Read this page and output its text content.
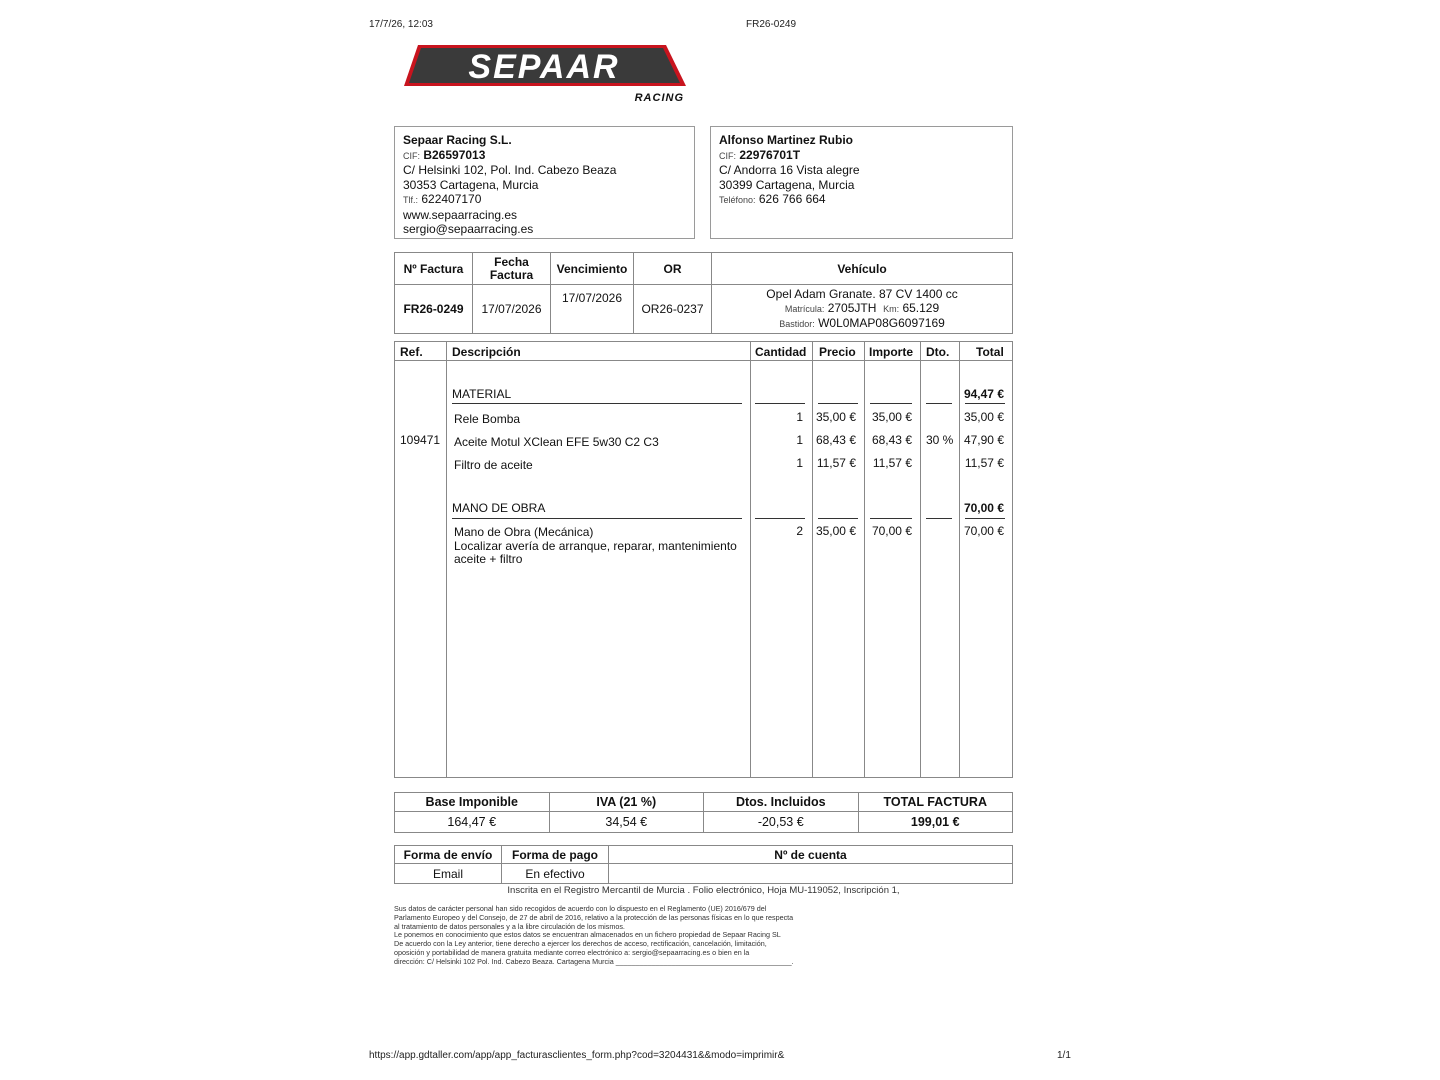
17/7/26, 12:03	FR26-0249
SEPAAR
RACING
Sepaar Racing S.L.
CIF: B26597013
C/ Helsinki 102, Pol. Ind. Cabezo Beaza
30353 Cartagena, Murcia
Tlf.: 622407170
www.sepaarracing.es
sergio@sepaarracing.es
Alfonso Martinez Rubio
CIF: 22976701T
C/ Andorra 16 Vista alegre
30399 Cartagena, Murcia
Teléfono: 626 766 664
Nº Factura	Fecha
Factura	Vencimiento	OR	Vehículo
FR26-0249	17/07/2026	17/07/2026	OR26-0237	Opel Adam Granate. 87 CV 1400 cc
Matrícula: 2705JTH Km: 65.129
Bastidor: W0L0MAP08G6097169
Ref. Descripción	Cantidad Precio Importe Dto. Total
109471
MATERIAL	94,47 €
Rele Bomba	1 35,00 € 35,00 €	35,00 €
Aceite Motul XClean EFE 5w30 C2 C3	1 68,43 € 68,43 € 30 % 47,90 €
Filtro de aceite	1 11,57 € 11,57 €	11,57 €
MANO DE OBRA	70,00 €
Mano de Obra (Mecánica)
Localizar avería de arranque, reparar, mantenimiento
aceite + filtro
2 35,00 € 70,00 €	70,00 €
Base Imponible	IVA (21 %)	Dtos. Incluidos	TOTAL FACTURA
164,47 €	34,54 €	-20,53 €	199,01 €
Forma de envío	Forma de pago	Nº de cuenta
Email	En efectivo	
Inscrita en el Registro Mercantil de Murcia . Folio electrónico, Hoja MU-119052, Inscripción 1,
Sus datos de carácter personal han sido recogidos de acuerdo con lo dispuesto en el Reglamento (UE) 2016/679 del
Parlamento Europeo y del Consejo, de 27 de abril de 2016, relativo a la protección de las personas físicas en lo que respecta
al tratamiento de datos personales y a la libre circulación de los mismos.
Le ponemos en conocimiento que estos datos se encuentran almacenados en un fichero propiedad de Sepaar Racing SL
De acuerdo con la Ley anterior, tiene derecho a ejercer los derechos de acceso, rectificación, cancelación, limitación,
oposición y portabilidad de manera gratuita mediante correo electrónico a: sergio@sepaarracing.es o bien en la
dirección: C/ Helsinki 102 Pol. Ind. Cabezo Beaza. Cartagena Murcia ____________________________________________.
https://app.gdtaller.com/app/app_facturasclientes_form.php?cod=3204431&&modo=imprimir&	1/1
